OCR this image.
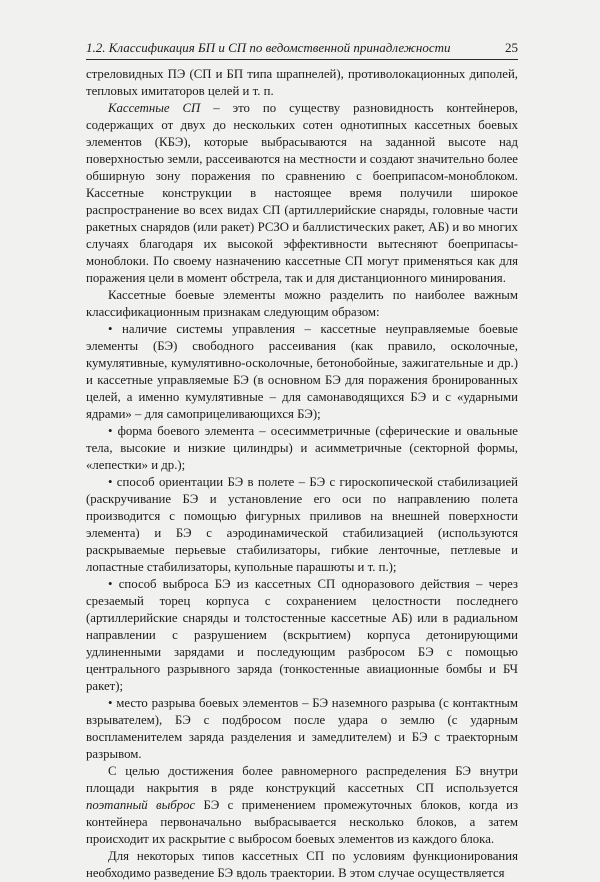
1.2. Классификация БП и СП по ведомственной принадлежности	25

стреловидных ПЭ (СП и БП типа шрапнелей), противолокационных диполей, тепловых имитаторов целей и т. п.

Кассетные СП – это по существу разновидность контейнеров, содержащих от двух до нескольких сотен однотипных кассетных боевых элементов (КБЭ), которые выбрасываются на заданной высоте над поверхностью земли, рассеиваются на местности и создают значительно более обширную зону поражения по сравнению с боеприпасом-моноблоком. Кассетные конструкции в настоящее время получили широкое распространение во всех видах СП (артиллерийские снаряды, головные части ракетных снарядов (или ракет) РСЗО и баллистических ракет, АБ) и во многих случаях благодаря их высокой эффективности вытесняют боеприпасы-моноблоки. По своему назначению кассетные СП могут применяться как для поражения цели в момент обстрела, так и для дистанционного минирования.

Кассетные боевые элементы можно разделить по наиболее важным классификационным признакам следующим образом:

• наличие системы управления – кассетные неуправляемые боевые элементы (БЭ) свободного рассеивания (как правило, осколочные, кумулятивные, кумулятивно-осколочные, бетонобойные, зажигательные и др.) и кассетные управляемые БЭ (в основном БЭ для поражения бронированных целей, а именно кумулятивные – для самонаводящихся БЭ и с «ударными ядрами» – для самоприцеливающихся БЭ);

• форма боевого элемента – осесимметричные (сферические и овальные тела, высокие и низкие цилиндры) и асимметричные (секторной формы, «лепестки» и др.);

• способ ориентации БЭ в полете – БЭ с гироскопической стабилизацией (раскручивание БЭ и установление его оси по направлению полета производится с помощью фигурных приливов на внешней поверхности элемента) и БЭ с аэродинамической стабилизацией (используются раскрываемые перьевые стабилизаторы, гибкие ленточные, петлевые и лопастные стабилизаторы, купольные парашюты и т. п.);

• способ выброса БЭ из кассетных СП одноразового действия – через срезаемый торец корпуса с сохранением целостности последнего (артиллерийские снаряды и толстостенные кассетные АБ) или в радиальном направлении с разрушением (вскрытием) корпуса детонирующими удлиненными зарядами и последующим разбросом БЭ с помощью центрального разрывного заряда (тонкостенные авиационные бомбы и БЧ ракет);

• место разрыва боевых элементов – БЭ наземного разрыва (с контактным взрывателем), БЭ с подбросом после удара о землю (с ударным воспламенителем заряда разделения и замедлителем) и БЭ с траекторным разрывом.

С целью достижения более равномерного распределения БЭ внутри площади накрытия в ряде конструкций кассетных СП используется поэтапный выброс БЭ с применением промежуточных блоков, когда из контейнера первоначально выбрасывается несколько блоков, а затем происходит их раскрытие с выбросом боевых элементов из каждого блока.

Для некоторых типов кассетных СП по условиям функционирования необходимо разведение БЭ вдоль траектории. В этом случае осуществляется
